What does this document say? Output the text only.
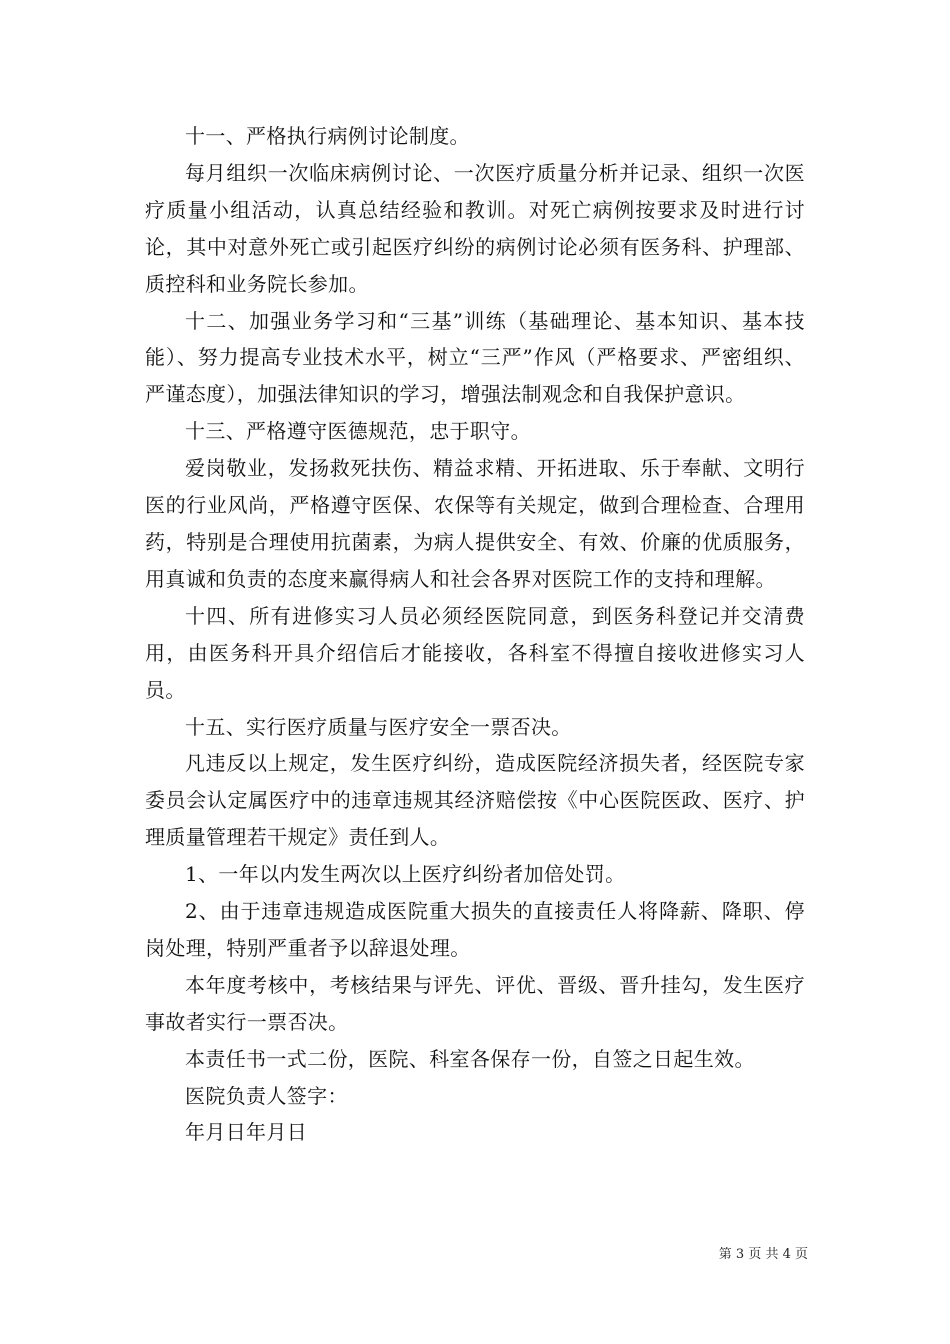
十一、严格执行病例讨论制度。

每月组织一次临床病例讨论、一次医疗质量分析并记录、组织一次医疗质量小组活动，认真总结经验和教训。对死亡病例按要求及时进行讨论，其中对意外死亡或引起医疗纠纷的病例讨论必须有医务科、护理部、质控科和业务院长参加。

十二、加强业务学习和“三基”训练（基础理论、基本知识、基本技能）、努力提高专业技术水平，树立“三严”作风（严格要求、严密组织、严谨态度），加强法律知识的学习，增强法制观念和自我保护意识。

十三、严格遵守医德规范，忠于职守。

爱岗敬业，发扬救死扶伤、精益求精、开拓进取、乐于奉献、文明行医的行业风尚，严格遵守医保、农保等有关规定，做到合理检查、合理用药，特别是合理使用抗菌素，为病人提供安全、有效、价廉的优质服务，用真诚和负责的态度来赢得病人和社会各界对医院工作的支持和理解。

十四、所有进修实习人员必须经医院同意，到医务科登记并交清费用，由医务科开具介绍信后才能接收，各科室不得擅自接收进修实习人员。

十五、实行医疗质量与医疗安全一票否决。

凡违反以上规定，发生医疗纠纷，造成医院经济损失者，经医院专家委员会认定属医疗中的违章违规其经济赔偿按《中心医院医政、医疗、护理质量管理若干规定》责任到人。

1、一年以内发生两次以上医疗纠纷者加倍处罚。

2、由于违章违规造成医院重大损失的直接责任人将降薪、降职、停岗处理，特别严重者予以辞退处理。

本年度考核中，考核结果与评先、评优、晋级、晋升挂勾，发生医疗事故者实行一票否决。

本责任书一式二份，医院、科室各保存一份，自签之日起生效。

医院负责人签字：

年月日年月日

第 3 页 共 4 页
